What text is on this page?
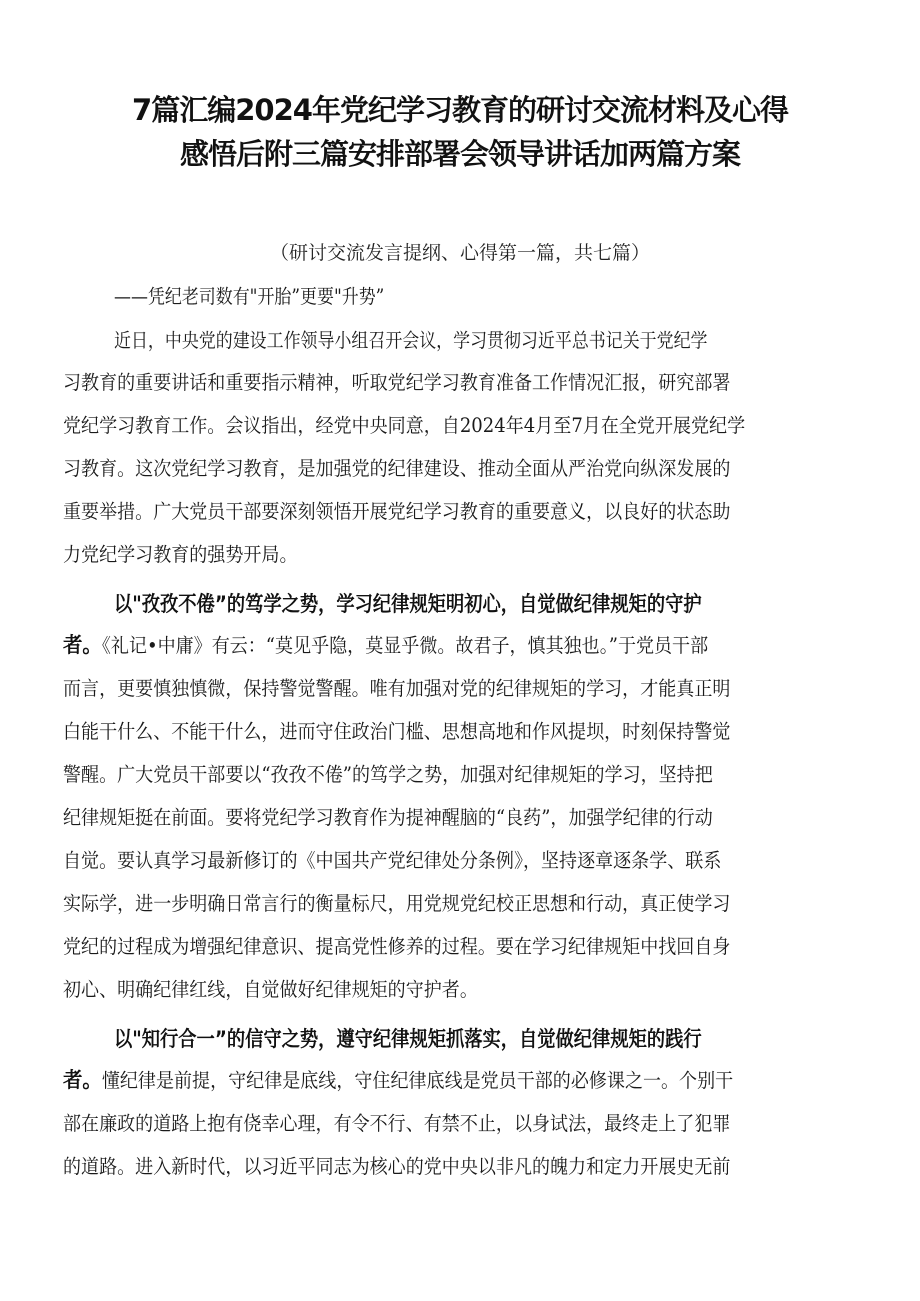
7篇汇编2024年党纪学习教育的研讨交流材料及心得
感悟后附三篇安排部署会领导讲话加两篇方案
（研讨交流发言提纲、心得第一篇，共七篇）
——凭纪老司数有"开胎”更要"升势”
近日，中央党的建设工作领导小组召开会议，学习贯彻习近平总书记关于党纪学
习教育的重要讲话和重要指示精神，听取党纪学习教育准备工作情况汇报，研究部署
党纪学习教育工作。会议指出，经党中央同意，自2024年4月至7月在全党开展党纪学
习教育。这次党纪学习教育，是加强党的纪律建设、推动全面从严治党向纵深发展的
重要举措。广大党员干部要深刻领悟开展党纪学习教育的重要意义，以良好的状态助
力党纪学习教育的强势开局。
以"孜孜不倦”的笃学之势，学习纪律规矩明初心，自觉做纪律规矩的守护
者。《礼记•中庸》有云：“莫见乎隐，莫显乎微。故君子，慎其独也。”于党员干部
而言，更要慎独慎微，保持警觉警醒。唯有加强对党的纪律规矩的学习，才能真正明
白能干什么、不能干什么，进而守住政治门槛、思想高地和作风提坝，时刻保持警觉
警醒。广大党员干部要以“孜孜不倦”的笃学之势，加强对纪律规矩的学习，坚持把
纪律规矩挺在前面。要将党纪学习教育作为提神醒脑的“良药”，加强学纪律的行动
自觉。要认真学习最新修订的《中国共产党纪律处分条例》，坚持逐章逐条学、联系
实际学，进一步明确日常言行的衡量标尺，用党规党纪校正思想和行动，真正使学习
党纪的过程成为增强纪律意识、提高党性修养的过程。要在学习纪律规矩中找回自身
初心、明确纪律红线，自觉做好纪律规矩的守护者。
以"知行合一”的信守之势，遵守纪律规矩抓落实，自觉做纪律规矩的践行
者。懂纪律是前提，守纪律是底线，守住纪律底线是党员干部的必修课之一。个别干
部在廉政的道路上抱有侥幸心理，有令不行、有禁不止，以身试法，最终走上了犯罪
的道路。进入新时代，以习近平同志为核心的党中央以非凡的魄力和定力开展史无前
